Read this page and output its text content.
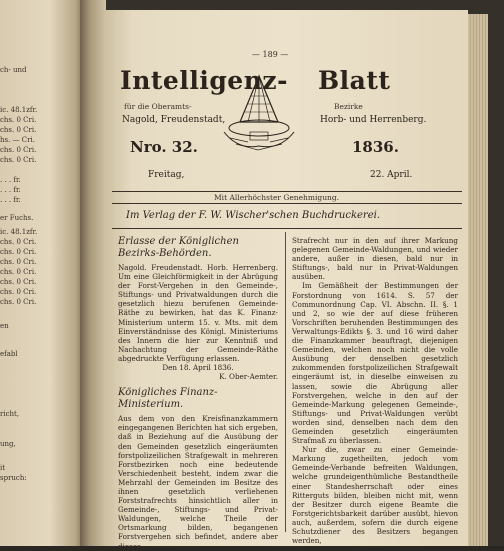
ch- und
ic. 48.1zfr.
chs. 0 Cri.
chs. 0 Cri.
hs. — Cri.
chs. 0 Cri.
chs. 0 Cri.
. . . fr.
. . . fr.
. . . fr.
er Fuchs.
ic. 48.1zfr.
chs. 0 Cri.
chs. 0 Cri.
chs. 0 Cri.
chs. 0 Cri.
chs. 0 Cri.
chs. 0 Cri.
chs. 0 Cri.
en
efabl
richt,
ung,
it
spruch:
— 189 —
Intelligenz- Blatt
für die Oberamts-	Bezirke
Nagold, Freudenstadt,	Horb- und Herrenberg.
Nro. 32.	1836.
Freitag,	22. April.
Mit Allerhöchster Genehmigung.
Im Verlag der F. W. Wischer'schen Buchdruckerei.

Erlasse der Königlichen Bezirks-Behörden.

Nagold. Freudenstadt. Horb. Herrenberg. Um eine Gleichförmigkeit in der Abrügung der Forst-Vergehen in den Gemeinde-, Stiftungs- und Privatwaldungen durch die gesetzlich hiezu berufenen Gemeinde-Räthe zu bewirken, hat das K. Finanz-Ministerium unterm 15. v. Mts. mit dem Einverständnisse des Königl. Ministeriums des Innern die hier zur Kenntniß und Nachachtung der Gemeinde-Räthe abgedruckte Verfügung erlassen.

Den 18. April 1836.

K. Ober-Aemter.

Königliches Finanz-Ministerium.

Aus dem von den Kreisfinanzkammern eingegangenen Berichten hat sich ergeben, daß in Beziehung auf die Ausübung der den Gemeinden gesetzlich eingeräumten forstpolizeilichen Strafgewalt in mehreren Forstbezirken noch eine bedeutende Verschiedenheit besteht, indem zwar die Mehrzahl der Gemeinden im Besitze des ihnen gesetzlich verliehenen Forststrafrechts hinsichtlich aller in Gemeinde-, Stiftungs- und Privat-Waldungen, welche Theile der Ortsmarkung bilden, begangenen Forstvergehen sich befindet, andere aber dieses

Strafrecht nur in den auf ihrer Markung gelegenen Gemeinde-Waldungen, und wieder andere, außer in diesen, bald nur in Stiftungs-, bald nur in Privat-Waldungen ausüben.

Im Gemäßheit der Bestimmungen der Forstordnung von 1614. S. 57 der Communordnung Cap. VI. Abschn. II. §. 1 und 2, so wie der auf diese früheren Vorschriften beruhenden Bestimmungen des Verwaltungs-Edikts §. 3. und 16 wird daher die Finanzkammer beauftragt, diejenigen Gemeinden, welchen noch nicht die volle Ausübung der denselben gesetzlich zukommenden forstpolizeilichen Strafgewalt eingeräumt ist, in dieselbe einweisen zu lassen, sowie die Abrügung aller Forstvergehen, welche in den auf der Gemeinde-Markung gelegenen Gemeinde-, Stiftungs- und Privat-Waldungen verübt worden sind, denselben nach dem den Gemeinden gesetzlich eingeräumten Strafmaß zu überlassen.

Nur die, zwar zu einer Gemeinde-Markung zugetheilten, jedoch vom Gemeinde-Verbande befreiten Waldungen, welche grundeigenthümliche Bestandtheile einer Standesherrschaft oder eines Ritterguts bilden, bleiben nicht mit, wenn der Besitzer durch eigene Beamte die Forstgerichtsbarkeit darüber ausübt, hievon auch, außerdem, sofern die durch eigene Schutzdiener des Besitzers begangen werden,
